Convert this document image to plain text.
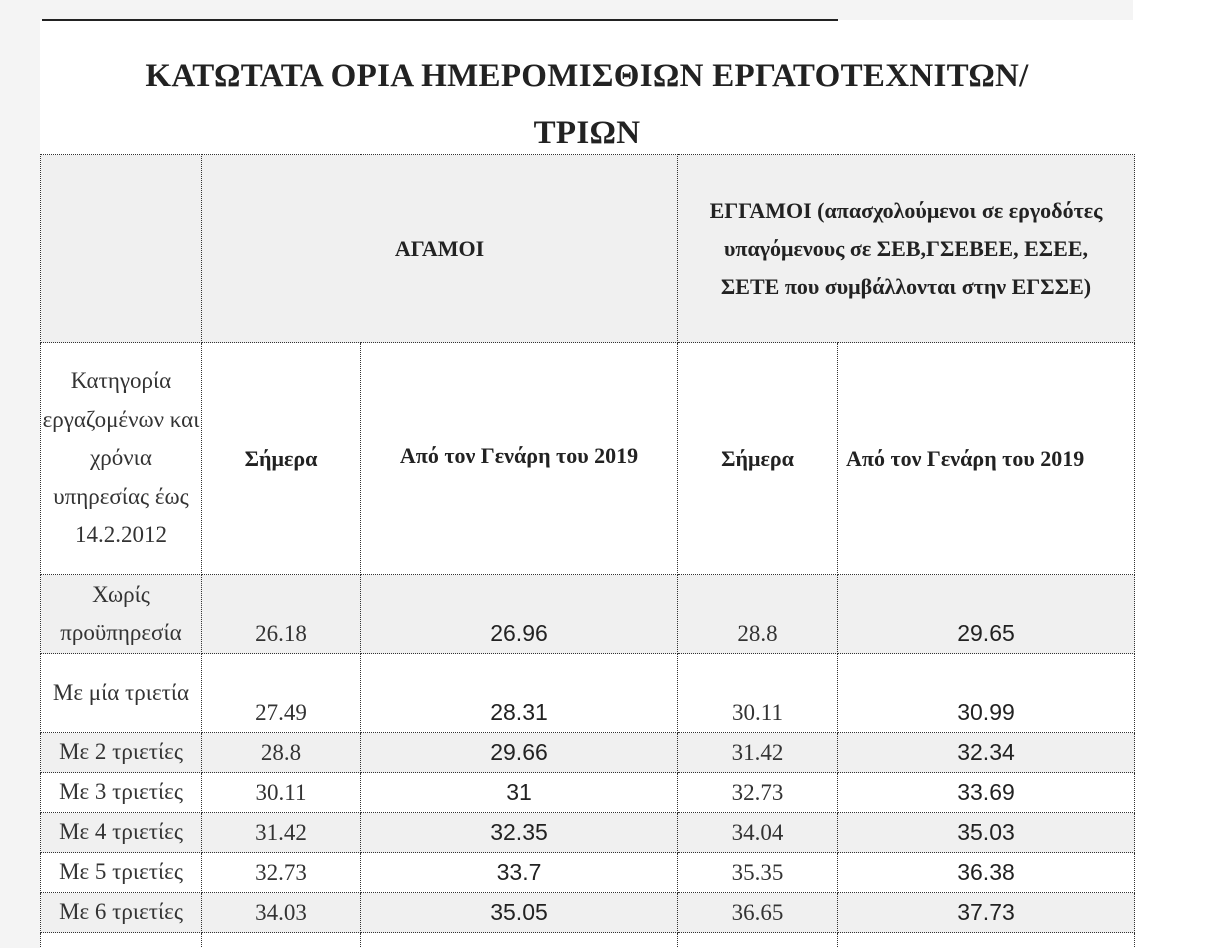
ΚΑΤΩΤΑΤΑ ΟΡΙΑ ΗΜΕΡΟΜΙΣΘΙΩΝ ΕΡΓΑΤΟΤΕΧΝΙΤΩΝ/
ΤΡΙΩΝ
	ΑΓΑΜΟΙ		ΕΓΓΑΜΟΙ (απασχολούμενοι σε εργοδότες υπαγόμενους σε ΣΕΒ,ΓΣΕΒΕΕ, ΕΣΕΕ, ΣΕΤΕ που συμβάλλονται στην ΕΓΣΣΕ)	
Κατηγορία εργαζομένων και χρόνια υπηρεσίας έως 14.2.2012	Σήμερα	Από τον Γενάρη του 2019	Σήμερα	Από τον Γενάρη του 2019
Χωρίς προϋπηρεσία	26.18	26.96	28.8	29.65
Με μία τριετία	27.49	28.31	30.11	30.99
Με 2 τριετίες	28.8	29.66	31.42	32.34
Με 3 τριετίες	30.11	31	32.73	33.69
Με 4 τριετίες	31.42	32.35	34.04	35.03
Με 5 τριετίες	32.73	33.7	35.35	36.38
Με 6 τριετίες	34.03	35.05	36.65	37.73
